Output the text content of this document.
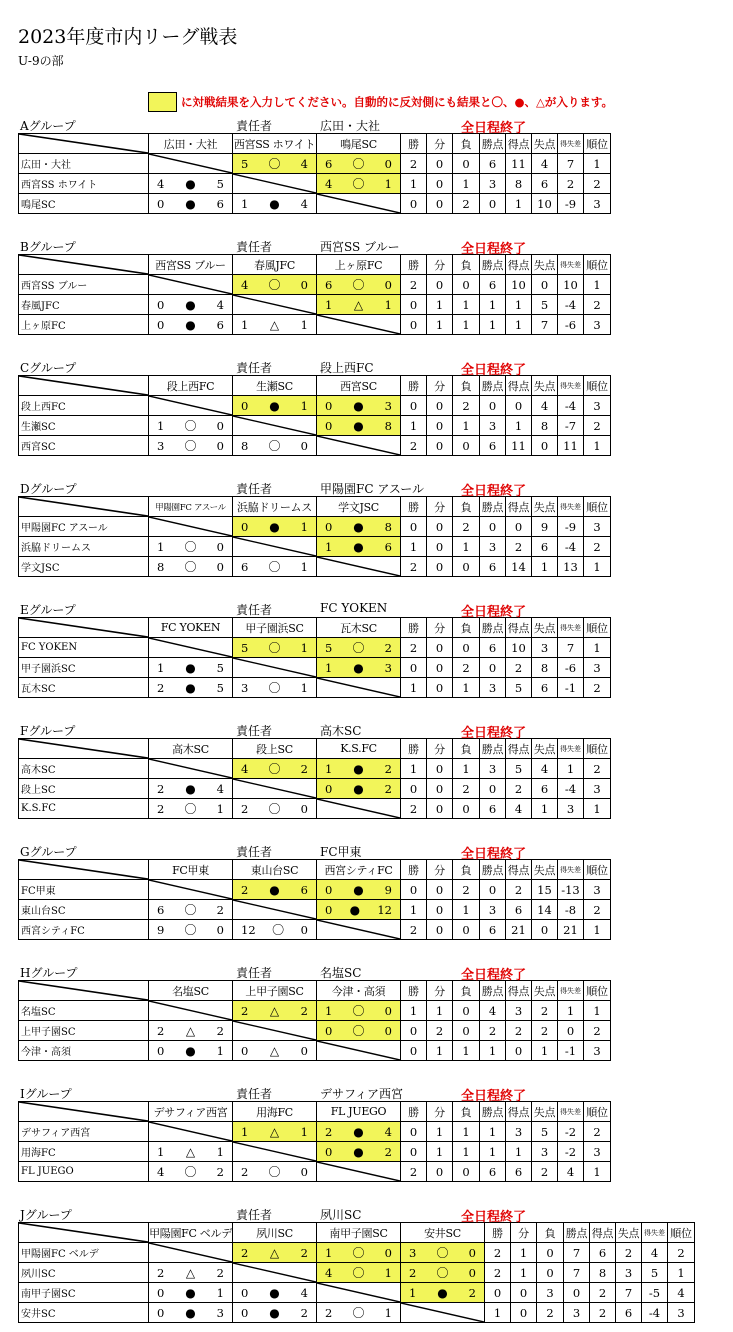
2023年度市内リーグ戦表
U-9の部
に対戦結果を入力してください。自動的に反対側にも結果と〇、●、△が入ります。
Aグループ	責任者	広田・大社	全日程終了
	広田・大社	西宮SS ホワイト	鳴尾SC	勝	分	負	勝点	得点	失点	得失差	順位
広田・大社		5 〇 4	6 〇 0	2	0	0	6	11	4	7	1
西宮SS ホワイト	4 ● 5		4 〇 1	1	0	1	3	8	6	2	2
鳴尾SC	0 ● 6	1 ● 4		0	0	2	0	1	10	-9	3
Bグループ	責任者	西宮SS ブルー	全日程終了
	西宮SS ブルー	春風JFC	上ヶ原FC	勝	分	負	勝点	得点	失点	得失差	順位
西宮SS ブルー		4 〇 0	6 〇 0	2	0	0	6	10	0	10	1
春風JFC	0 ● 4		1 △ 1	0	1	1	1	1	5	-4	2
上ヶ原FC	0 ● 6	1 △ 1		0	1	1	1	1	7	-6	3
Cグループ	責任者	段上西FC	全日程終了
	段上西FC	生瀬SC	西宮SC	勝	分	負	勝点	得点	失点	得失差	順位
段上西FC		0 ● 1	0 ● 3	0	0	2	0	0	4	-4	3
生瀬SC	1 〇 0		0 ● 8	1	0	1	3	1	8	-7	2
西宮SC	3 〇 0	8 〇 0		2	0	0	6	11	0	11	1
Dグループ	責任者	甲陽園FC アスール	全日程終了
	甲陽園FC アスール	浜脇ドリームス	学文JSC	勝	分	負	勝点	得点	失点	得失差	順位
甲陽園FC アスール		0 ● 1	0 ● 8	0	0	2	0	0	9	-9	3
浜脇ドリームス	1 〇 0		1 ● 6	1	0	1	3	2	6	-4	2
学文JSC	8 〇 0	6 〇 1		2	0	0	6	14	1	13	1
Eグループ	責任者	FC YOKEN	全日程終了
	FC YOKEN	甲子園浜SC	瓦木SC	勝	分	負	勝点	得点	失点	得失差	順位
FC YOKEN		5 〇 1	5 〇 2	2	0	0	6	10	3	7	1
甲子園浜SC	1 ● 5		1 ● 3	0	0	2	0	2	8	-6	3
瓦木SC	2 ● 5	3 〇 1		1	0	1	3	5	6	-1	2
Fグループ	責任者	高木SC	全日程終了
	高木SC	段上SC	K.S.FC	勝	分	負	勝点	得点	失点	得失差	順位
高木SC		4 〇 2	1 ● 2	1	0	1	3	5	4	1	2
段上SC	2 ● 4		0 ● 2	0	0	2	0	2	6	-4	3
K.S.FC	2 〇 1	2 〇 0		2	0	0	6	4	1	3	1
Gグループ	責任者	FC甲東	全日程終了
	FC甲東	東山台SC	西宮シティFC	勝	分	負	勝点	得点	失点	得失差	順位
FC甲東		2 ● 6	0 ● 9	0	0	2	0	2	15	-13	3
東山台SC	6 〇 2		0 ● 12	1	0	1	3	6	14	-8	2
西宮シティFC	9 〇 0	12 〇 0		2	0	0	6	21	0	21	1
Hグループ	責任者	名塩SC	全日程終了
	名塩SC	上甲子園SC	今津・高須	勝	分	負	勝点	得点	失点	得失差	順位
名塩SC		2 △ 2	1 〇 0	1	1	0	4	3	2	1	1
上甲子園SC	2 △ 2		0 〇 0	0	2	0	2	2	2	0	2
今津・高須	0 ● 1	0 △ 0		0	1	1	1	0	1	-1	3
Iグループ	責任者	デサフィア西宮	全日程終了
	デサフィア西宮	用海FC	FL JUEGO	勝	分	負	勝点	得点	失点	得失差	順位
デサフィア西宮		1 △ 1	2 ● 4	0	1	1	1	3	5	-2	2
用海FC	1 △ 1		0 ● 2	0	1	1	1	1	3	-2	3
FL JUEGO	4 〇 2	2 〇 0		2	0	0	6	6	2	4	1
Jグループ	責任者	夙川SC	全日程終了
	甲陽園FC ベルデ	夙川SC	南甲子園SC	安井SC	勝	分	負	勝点	得点	失点	得失差	順位
甲陽園FC ベルデ		2 △ 2	1 〇 0	3 〇 0	2	1	0	7	6	2	4	2
夙川SC	2 △ 2		4 〇 1	2 〇 0	2	1	0	7	8	3	5	1
南甲子園SC	0 ● 1	0 ● 4		1 ● 2	0	0	3	0	2	7	-5	4
安井SC	0 ● 3	0 ● 2	2 〇 1		1	0	2	3	2	6	-4	3
